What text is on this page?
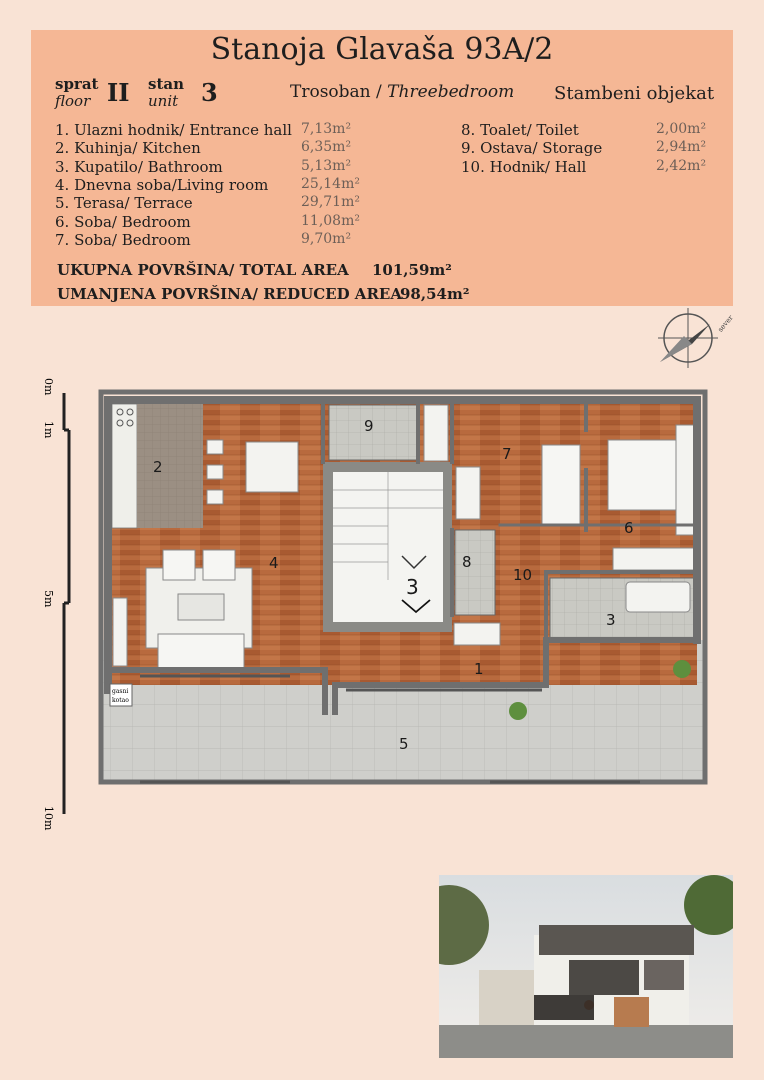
Stanoja Glavaša 93A/2
sprat
floor II stan
unit 3	Trosoban / Threebedroom Stambeni objekat
1. Ulazni hodnik/ Entrance hall 7,13m²
2. Kuhinja/ Kitchen	6,35m²
3. Kupatilo/ Bathroom	5,13m²
4. Dnevna soba/Living room 25,14m²
5. Terasa/ Terrace	29,71m²
6. Soba/ Bedroom	11,08m²
7. Soba/ Bedroom	9,70m²
8. Toalet/ Toilet	2,00m²
9. Ostava/ Storage	2,94m²
10. Hodnik/ Hall	2,42m²
UKUPNA POVRŠINA/ TOTAL AREA 101,59m²
UMANJENA POVRŠINA/ REDUCED AREA
98,54m²
sever
0m
1m
5m
10m
gasni
kotao
1
2
3
4
5
6
7
8
9
10
3
